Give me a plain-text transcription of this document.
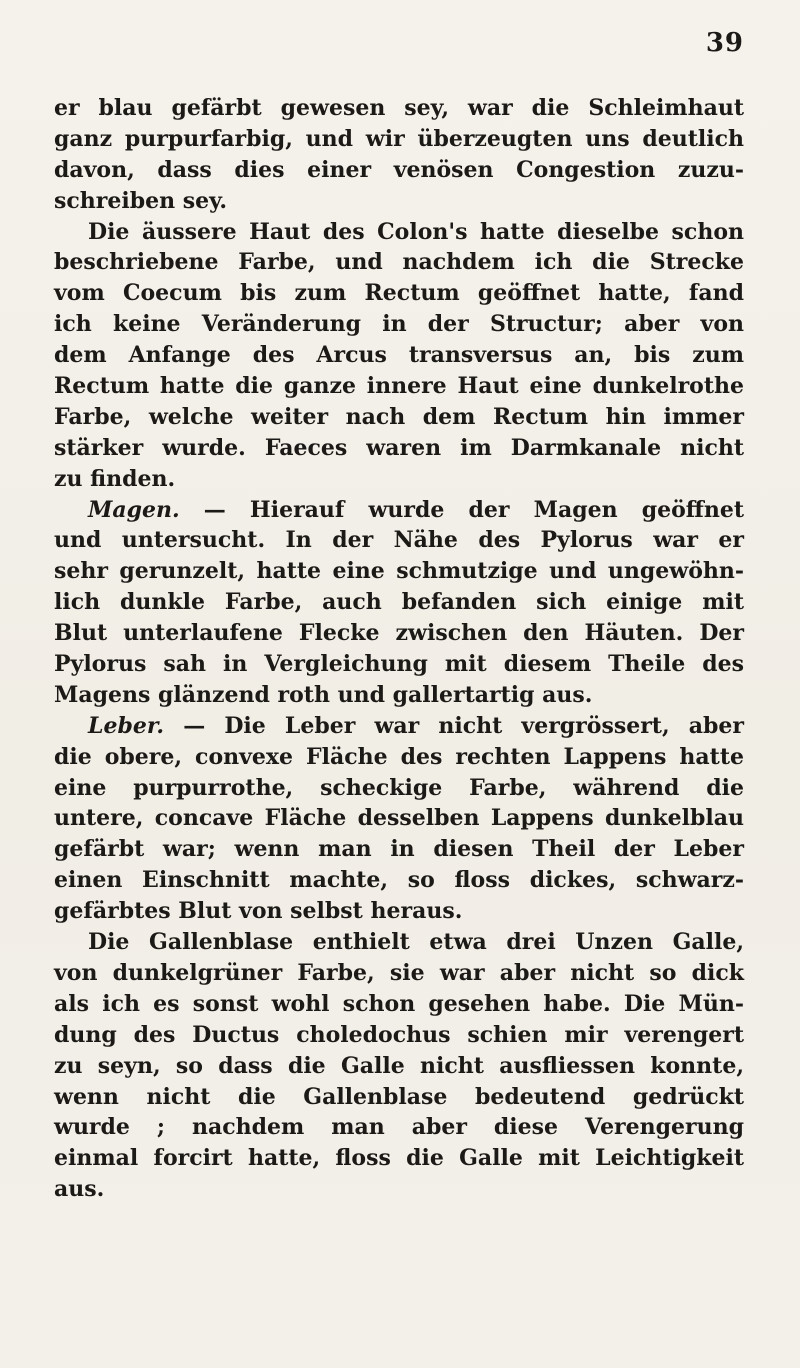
39
er blau gefärbt gewesen sey, war die Schleimhaut
ganz purpurfarbig, und wir überzeugten uns deutlich
davon, dass dies einer venösen Congestion zuzu-
schreiben sey.
Die äussere Haut des Colon's hatte dieselbe schon
beschriebene Farbe, und nachdem ich die Strecke
vom Coecum bis zum Rectum geöffnet hatte, fand
ich keine Veränderung in der Structur; aber von
dem Anfange des Arcus transversus an, bis zum
Rectum hatte die ganze innere Haut eine dunkelrothe
Farbe, welche weiter nach dem Rectum hin immer
stärker wurde. Faeces waren im Darmkanale nicht
zu finden.
Magen. — Hierauf wurde der Magen geöffnet
und untersucht. In der Nähe des Pylorus war er
sehr gerunzelt, hatte eine schmutzige und ungewöhn-
lich dunkle Farbe, auch befanden sich einige mit
Blut unterlaufene Flecke zwischen den Häuten. Der
Pylorus sah in Vergleichung mit diesem Theile des
Magens glänzend roth und gallertartig aus.
Leber. — Die Leber war nicht vergrössert, aber
die obere, convexe Fläche des rechten Lappens hatte
eine purpurrothe, scheckige Farbe, während die
untere, concave Fläche desselben Lappens dunkelblau
gefärbt war; wenn man in diesen Theil der Leber
einen Einschnitt machte, so floss dickes, schwarz-
gefärbtes Blut von selbst heraus.
Die Gallenblase enthielt etwa drei Unzen Galle,
von dunkelgrüner Farbe, sie war aber nicht so dick
als ich es sonst wohl schon gesehen habe. Die Mün-
dung des Ductus choledochus schien mir verengert
zu seyn, so dass die Galle nicht ausfliessen konnte,
wenn nicht die Gallenblase bedeutend gedrückt
wurde ; nachdem man aber diese Verengerung
einmal forcirt hatte, floss die Galle mit Leichtigkeit
aus.
